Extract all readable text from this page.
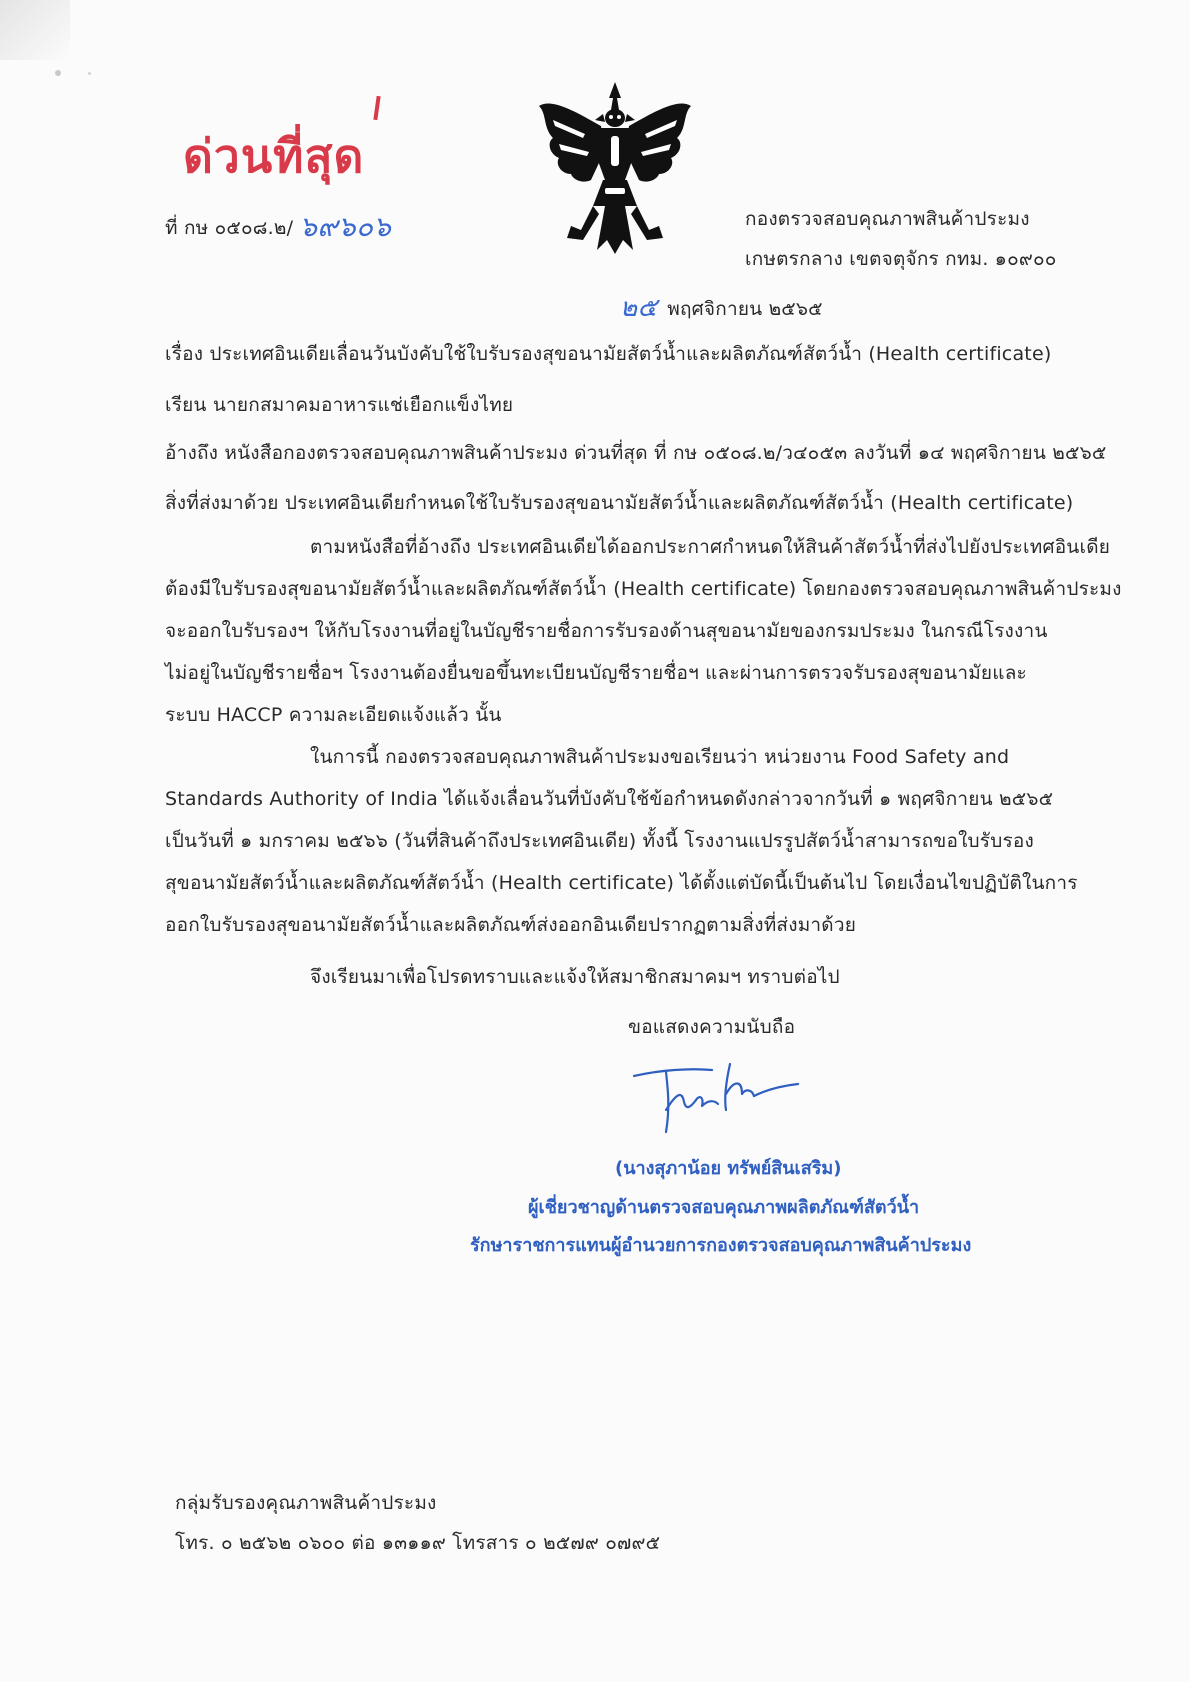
ด่วนที่สุด
ที่ กษ ๐๕๐๘.๒/ ๖๙๖๐๖	กองตรวจสอบคุณภาพสินค้าประมง
เกษตรกลาง เขตจตุจักร กทม. ๑๐๙๐๐
๒๕ พฤศจิกายน ๒๕๖๕
เรื่อง ประเทศอินเดียเลื่อนวันบังคับใช้ใบรับรองสุขอนามัยสัตว์น้ำและผลิตภัณฑ์สัตว์น้ำ (Health certificate)
เรียน นายกสมาคมอาหารแช่เยือกแข็งไทย
อ้างถึง หนังสือกองตรวจสอบคุณภาพสินค้าประมง ด่วนที่สุด ที่ กษ ๐๕๐๘.๒/ว๔๐๕๓ ลงวันที่ ๑๔ พฤศจิกายน ๒๕๖๕
สิ่งที่ส่งมาด้วย ประเทศอินเดียกำหนดใช้ใบรับรองสุขอนามัยสัตว์น้ำและผลิตภัณฑ์สัตว์น้ำ (Health certificate)
ตามหนังสือที่อ้างถึง ประเทศอินเดียได้ออกประกาศกำหนดให้สินค้าสัตว์น้ำที่ส่งไปยังประเทศอินเดีย
ต้องมีใบรับรองสุขอนามัยสัตว์น้ำและผลิตภัณฑ์สัตว์น้ำ (Health certificate) โดยกองตรวจสอบคุณภาพสินค้าประมง
จะออกใบรับรองฯ ให้กับโรงงานที่อยู่ในบัญชีรายชื่อการรับรองด้านสุขอนามัยของกรมประมง ในกรณีโรงงาน
ไม่อยู่ในบัญชีรายชื่อฯ โรงงานต้องยื่นขอขึ้นทะเบียนบัญชีรายชื่อฯ และผ่านการตรวจรับรองสุขอนามัยและ
ระบบ HACCP ความละเอียดแจ้งแล้ว นั้น
ในการนี้ กองตรวจสอบคุณภาพสินค้าประมงขอเรียนว่า หน่วยงาน Food Safety and
Standards Authority of India ได้แจ้งเลื่อนวันที่บังคับใช้ข้อกำหนดดังกล่าวจากวันที่ ๑ พฤศจิกายน ๒๕๖๕
เป็นวันที่ ๑ มกราคม ๒๕๖๖ (วันที่สินค้าถึงประเทศอินเดีย) ทั้งนี้ โรงงานแปรรูปสัตว์น้ำสามารถขอใบรับรอง
สุขอนามัยสัตว์น้ำและผลิตภัณฑ์สัตว์น้ำ (Health certificate) ได้ตั้งแต่บัดนี้เป็นต้นไป โดยเงื่อนไขปฏิบัติในการ
ออกใบรับรองสุขอนามัยสัตว์น้ำและผลิตภัณฑ์ส่งออกอินเดียปรากฏตามสิ่งที่ส่งมาด้วย
จึงเรียนมาเพื่อโปรดทราบและแจ้งให้สมาชิกสมาคมฯ ทราบต่อไป
ขอแสดงความนับถือ
(นางสุภาน้อย ทรัพย์สินเสริม)
ผู้เชี่ยวชาญด้านตรวจสอบคุณภาพผลิตภัณฑ์สัตว์น้ำ
รักษาราชการแทนผู้อำนวยการกองตรวจสอบคุณภาพสินค้าประมง
กลุ่มรับรองคุณภาพสินค้าประมง
โทร. ๐ ๒๕๖๒ ๐๖๐๐ ต่อ ๑๓๑๑๙ โทรสาร ๐ ๒๕๗๙ ๐๗๙๕
